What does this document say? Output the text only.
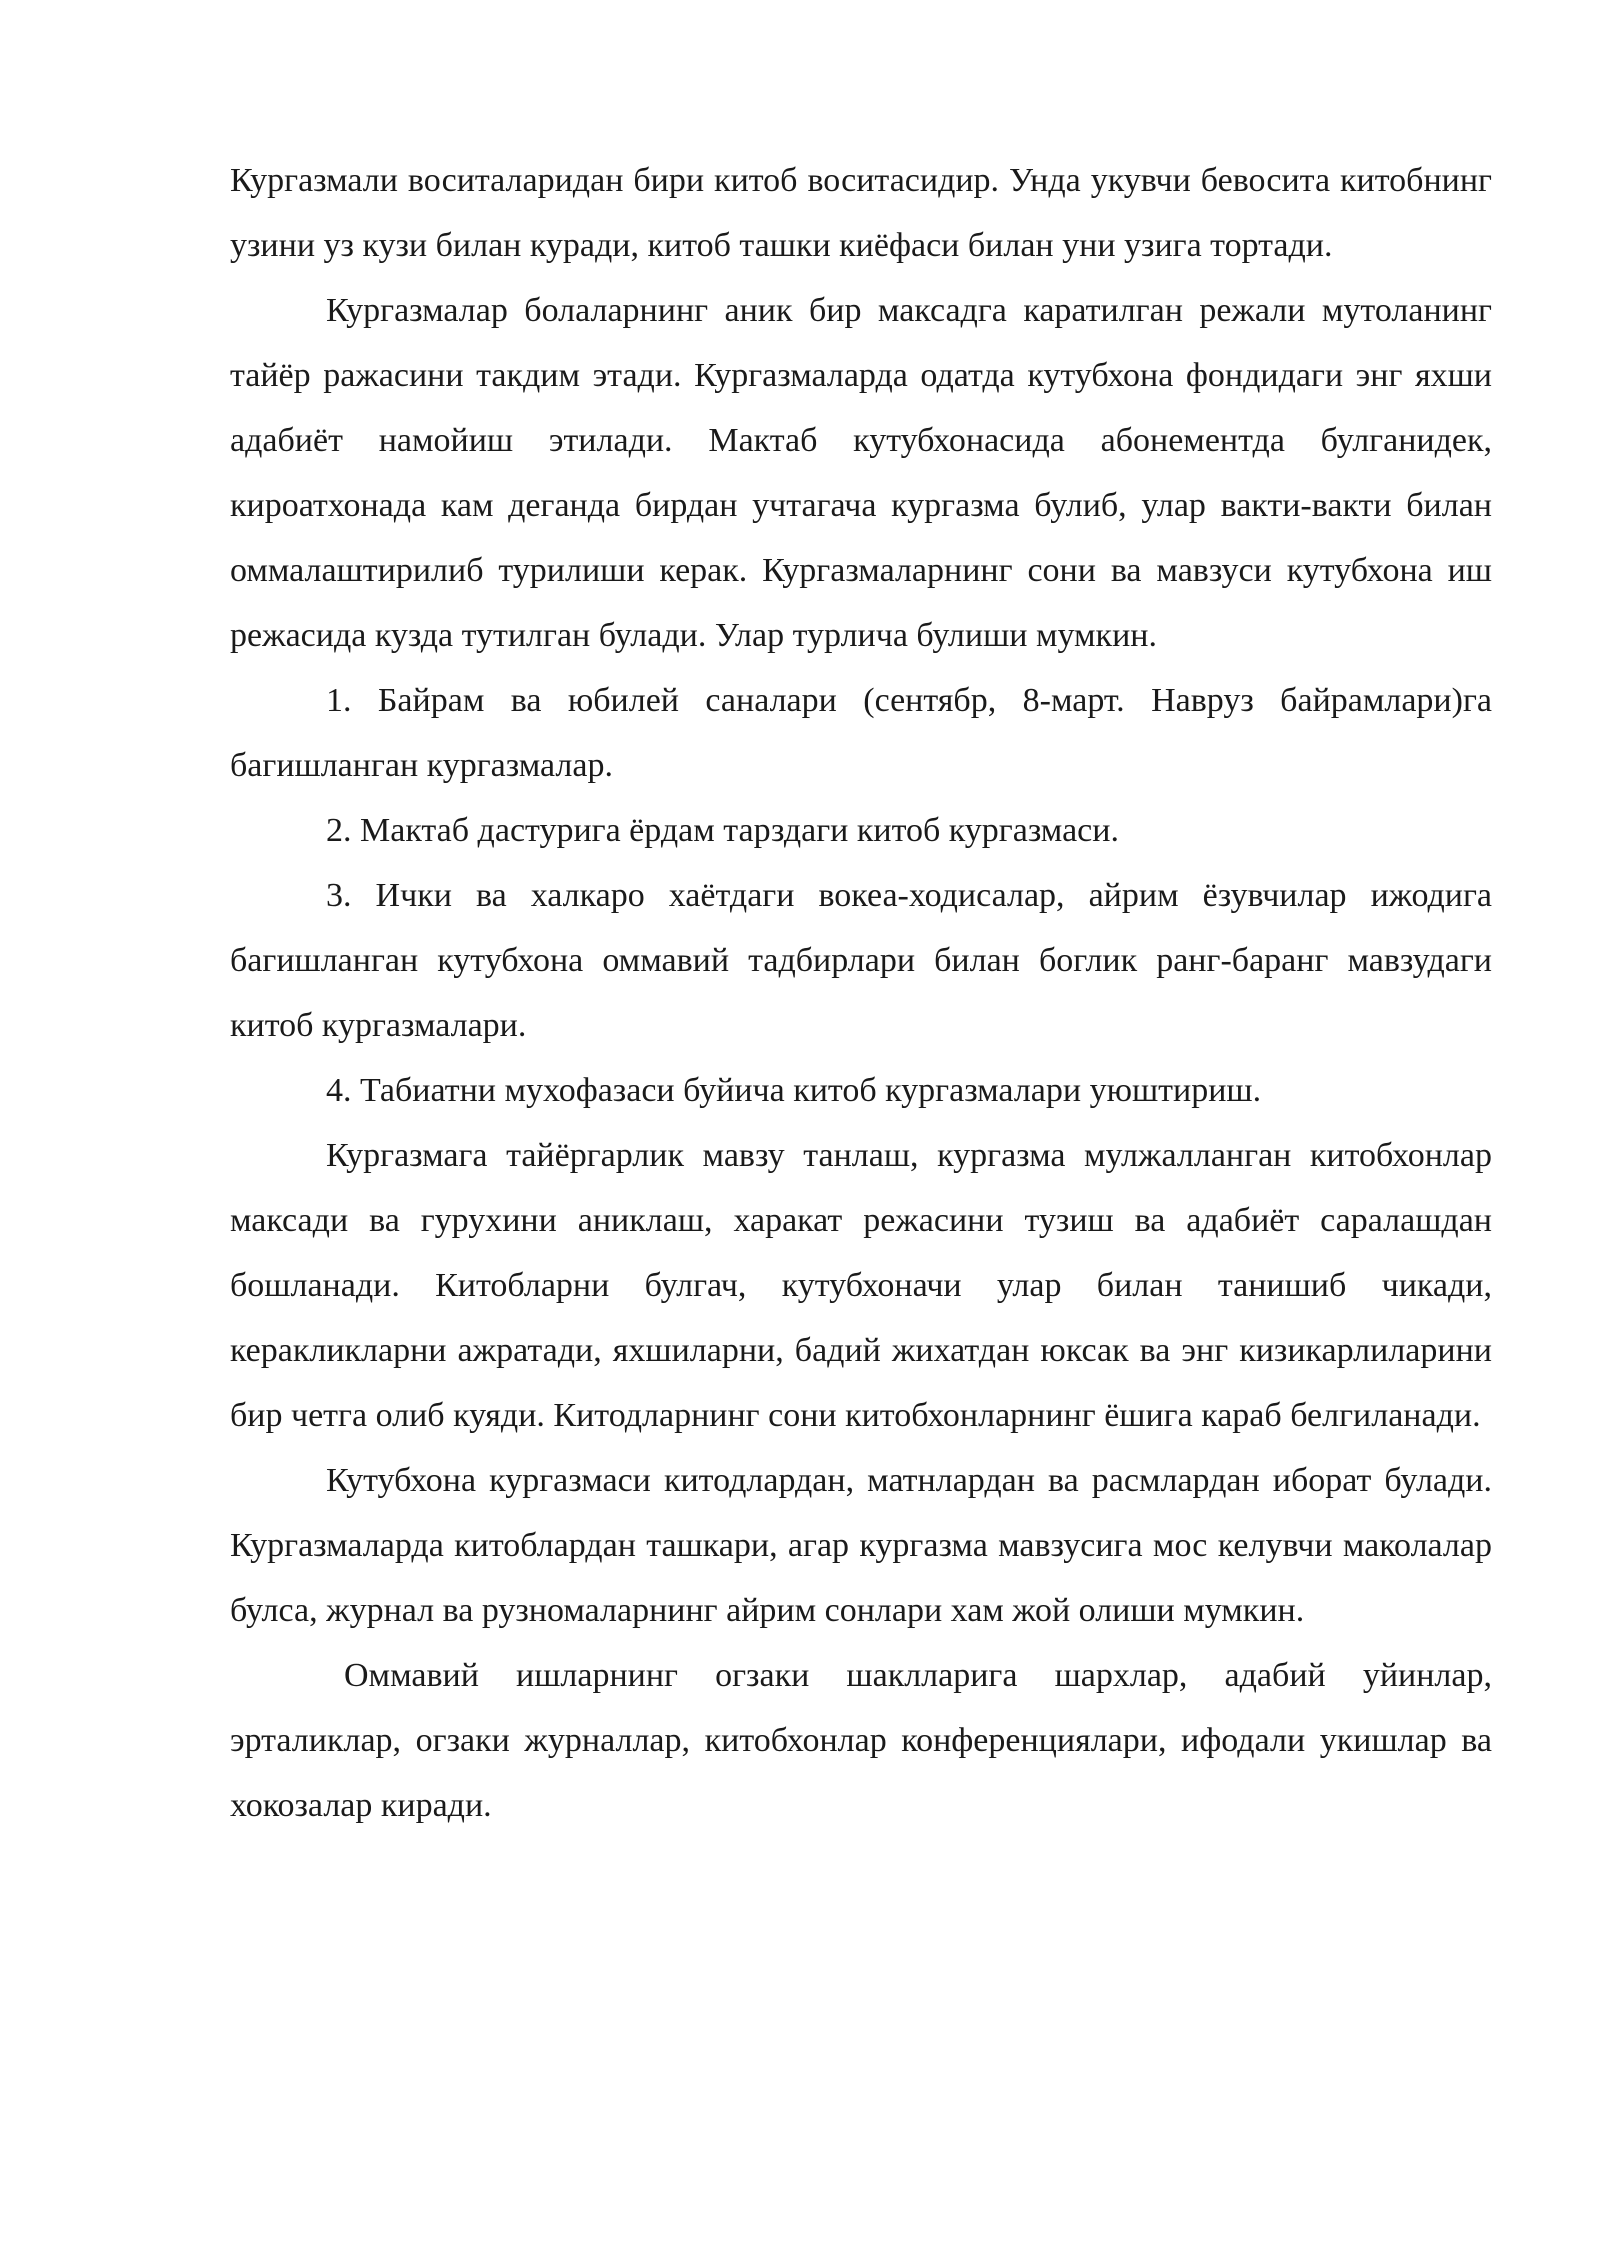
Кургазмали воситаларидан бири китоб воситасидир. Унда укувчи бевосита китобнинг узини уз кузи билан куради, китоб ташки киёфаси билан уни узига тортади.

Кургазмалар болаларнинг аник бир максадга каратилган режали мутоланинг тайёр ражасини такдим этади. Кургазмаларда одатда кутубхона фондидаги энг яхши адабиёт намойиш этилади. Мактаб кутубхонасида абонементда булганидек, кироатхонада кам деганда бирдан учтагача кургазма булиб, улар вакти-вакти билан оммалаштирилиб турилиши керак. Кургазмаларнинг сони ва мавзуси кутубхона иш режасида кузда тутилган булади. Улар турлича булиши мумкин.

1. Байрам ва юбилей саналари (сентябр, 8-март. Навруз байрамлари)га багишланган кургазмалар.

2. Мактаб дастурига ёрдам тарздаги китоб кургазмаси.

3. Ички ва халкаро хаётдаги вокеа-ходисалар, айрим ёзувчилар ижодига багишланган кутубхона оммавий тадбирлари билан боглик ранг-баранг мавзудаги китоб кургазмалари.

4. Табиатни мухофазаси буйича китоб кургазмалари уюштириш.

Кургазмага тайёргарлик мавзу танлаш, кургазма мулжалланган китобхонлар максади ва гурухини аниклаш, харакат режасини тузиш ва адабиёт саралашдан бошланади. Китобларни булгач, кутубхоначи улар билан танишиб чикади, керакликларни ажратади, яхшиларни, бадий жихатдан юксак ва энг кизикарлиларини бир четга олиб куяди. Китодларнинг сони китобхонларнинг ёшига караб белгиланади.

Кутубхона кургазмаси китодлардан, матнлардан ва расмлардан иборат булади. Кургазмаларда китоблардан ташкари, агар кургазма мавзусига мос келувчи маколалар булса, журнал ва рузномаларнинг айрим сонлари хам жой олиши мумкин.

Оммавий ишларнинг огзаки шаклларига шархлар, адабий уйинлар, эрталиклар, огзаки журналлар, китобхонлар конференциялари, ифодали укишлар ва хокозалар киради.
